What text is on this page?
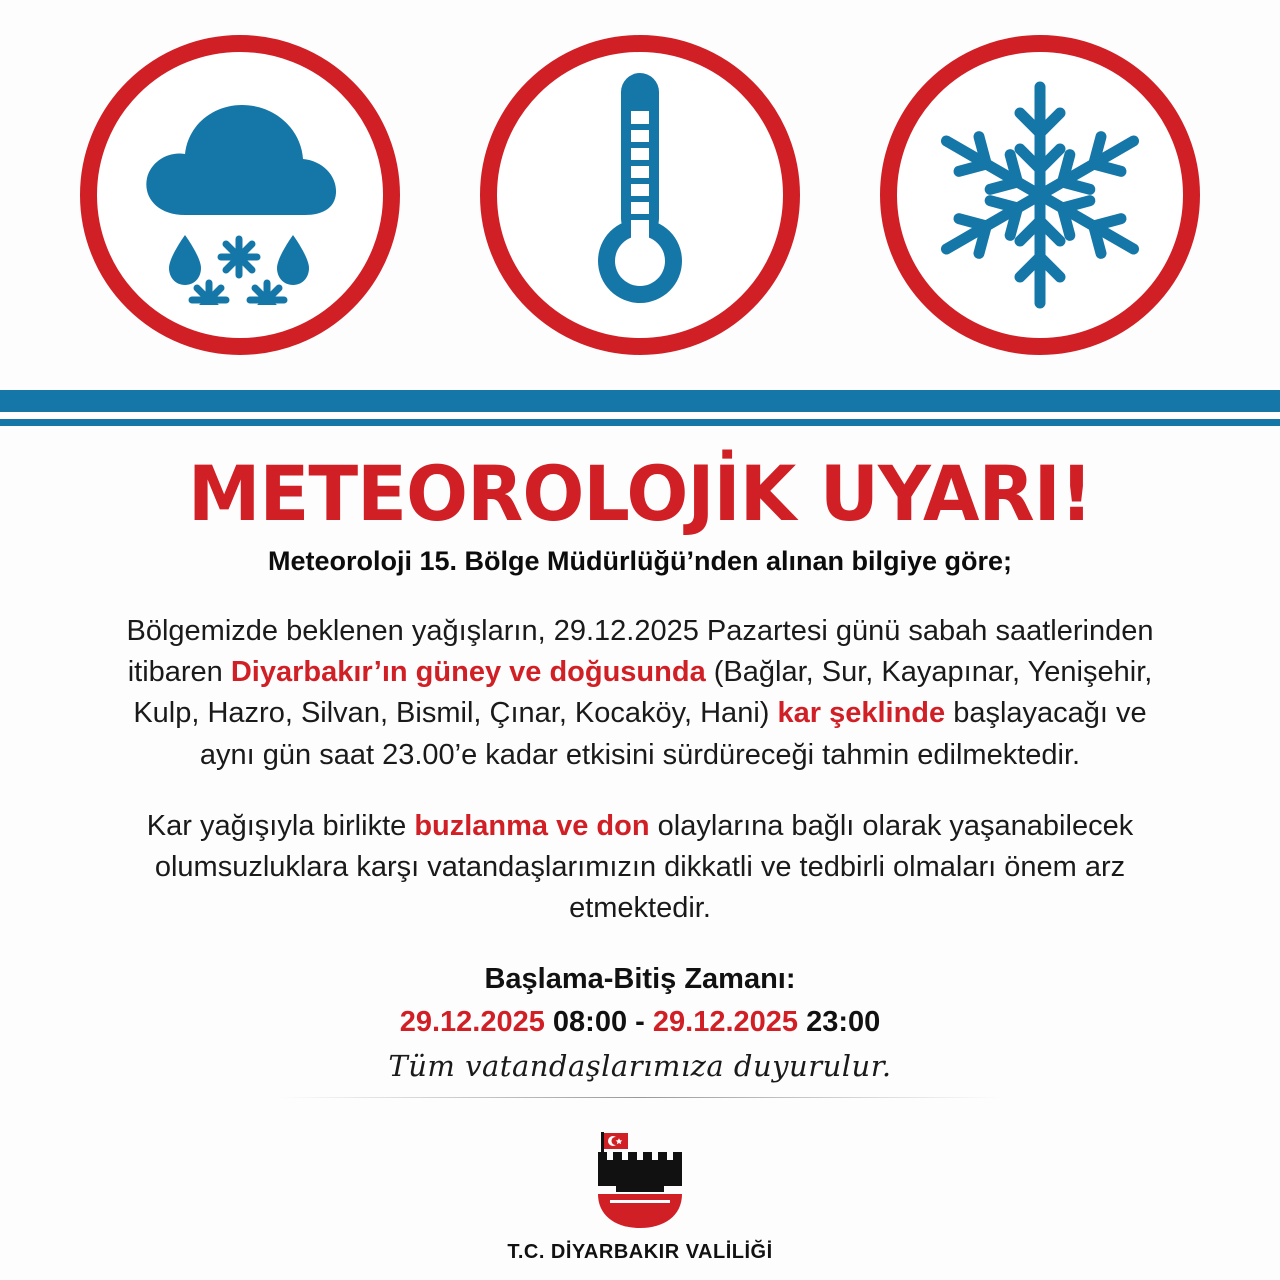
METEOROLOJİK UYARI!
Meteoroloji 15. Bölge Müdürlüğü’nden alınan bilgiye göre;

Bölgemizde beklenen yağışların, 29.12.2025 Pazartesi günü sabah saatlerinden itibaren Diyarbakır’ın güney ve doğusunda (Bağlar, Sur, Kayapınar, Yenişehir, Kulp, Hazro, Silvan, Bismil, Çınar, Kocaköy, Hani) kar şeklinde başlayacağı ve aynı gün saat 23.00’e kadar etkisini sürdüreceği tahmin edilmektedir.

Kar yağışıyla birlikte buzlanma ve don olaylarına bağlı olarak yaşanabilecek olumsuzluklara karşı vatandaşlarımızın dikkatli ve tedbirli olmaları önem arz etmektedir.

Başlama-Bitiş Zamanı:
29.12.2025 08:00 - 29.12.2025 23:00
Tüm vatandaşlarımıza duyurulur.
T.C. DİYARBAKIR VALİLİĞİ
